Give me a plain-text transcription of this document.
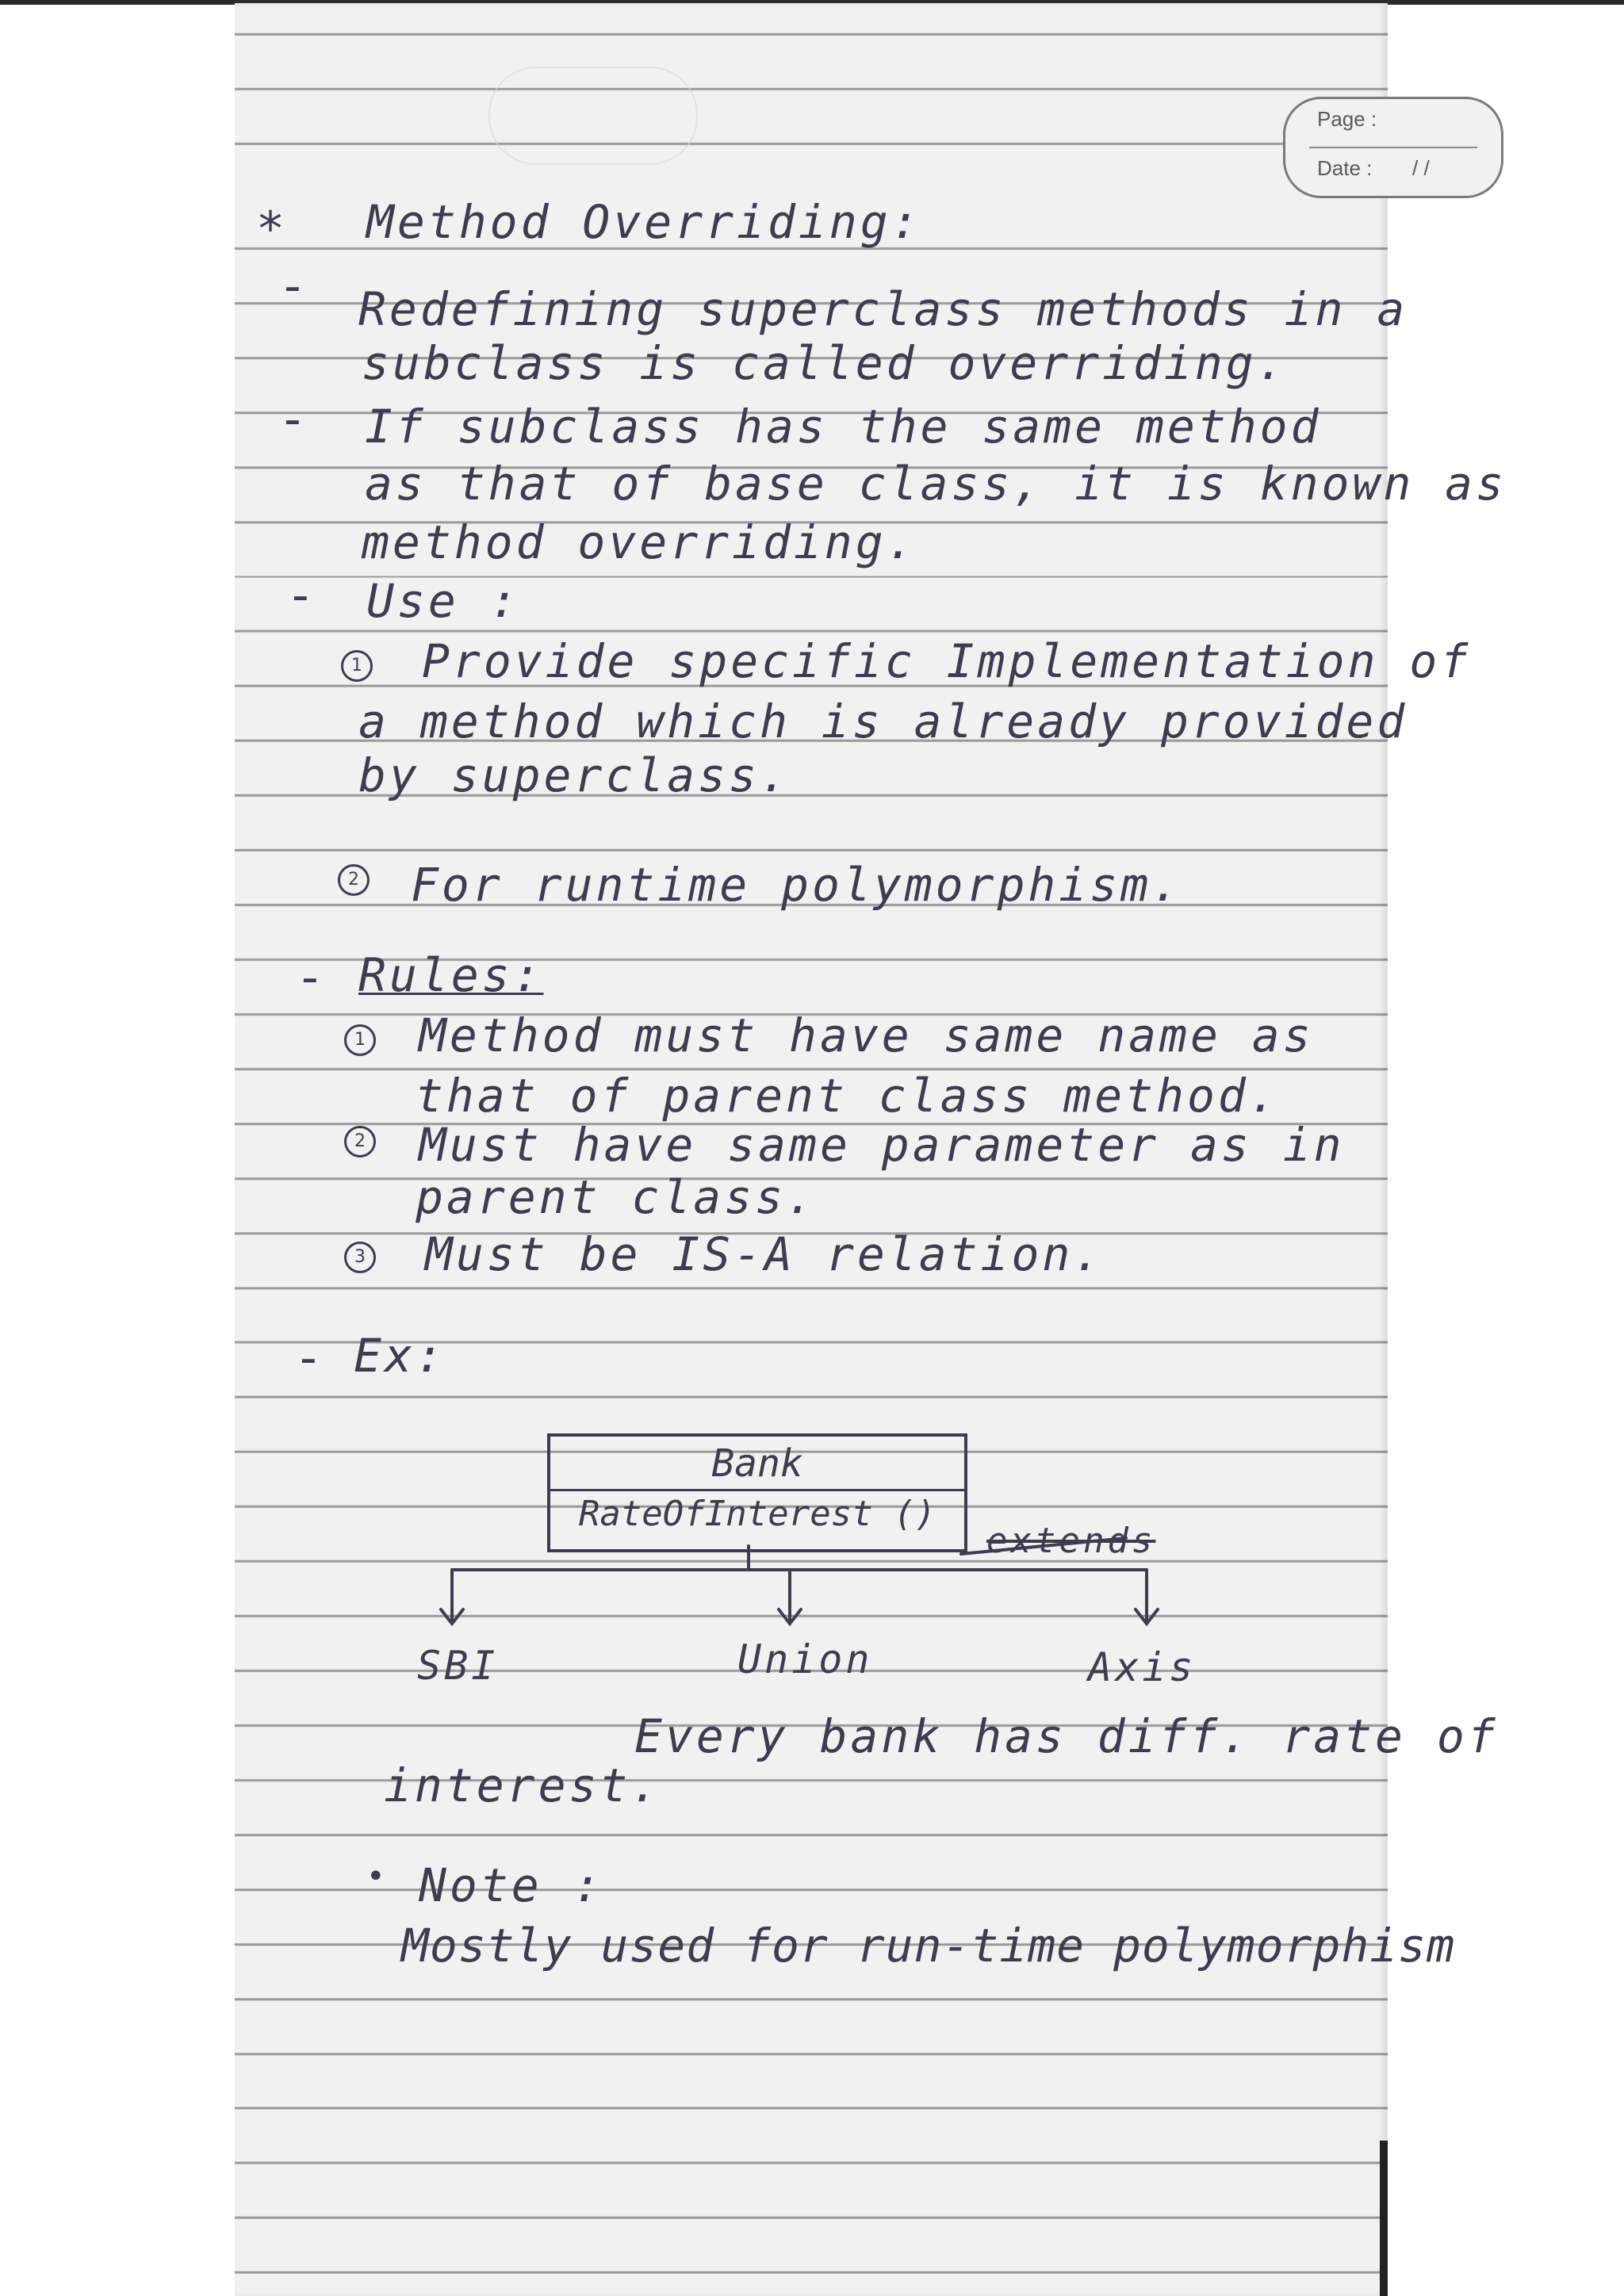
Page :
Date : / /
* Method Overriding:
- Redefining superclass methods in a
subclass is called overriding.
- If subclass has the same method
as that of base class, it is known as
method overriding.
- Use :
1 Provide specific Implementation of
a method which is already provided
by superclass.
2 For runtime polymorphism.
- Rules:
1 Method must have same name as
that of parent class method.
2 Must have same parameter as in
parent class.
3 Must be IS-A relation.
- Ex:
Bank
RateOfInterest ()
extends
SBI	Union	Axis
Every bank has diff. rate of
interest.
• Note :
Mostly used for run-time polymorphism
